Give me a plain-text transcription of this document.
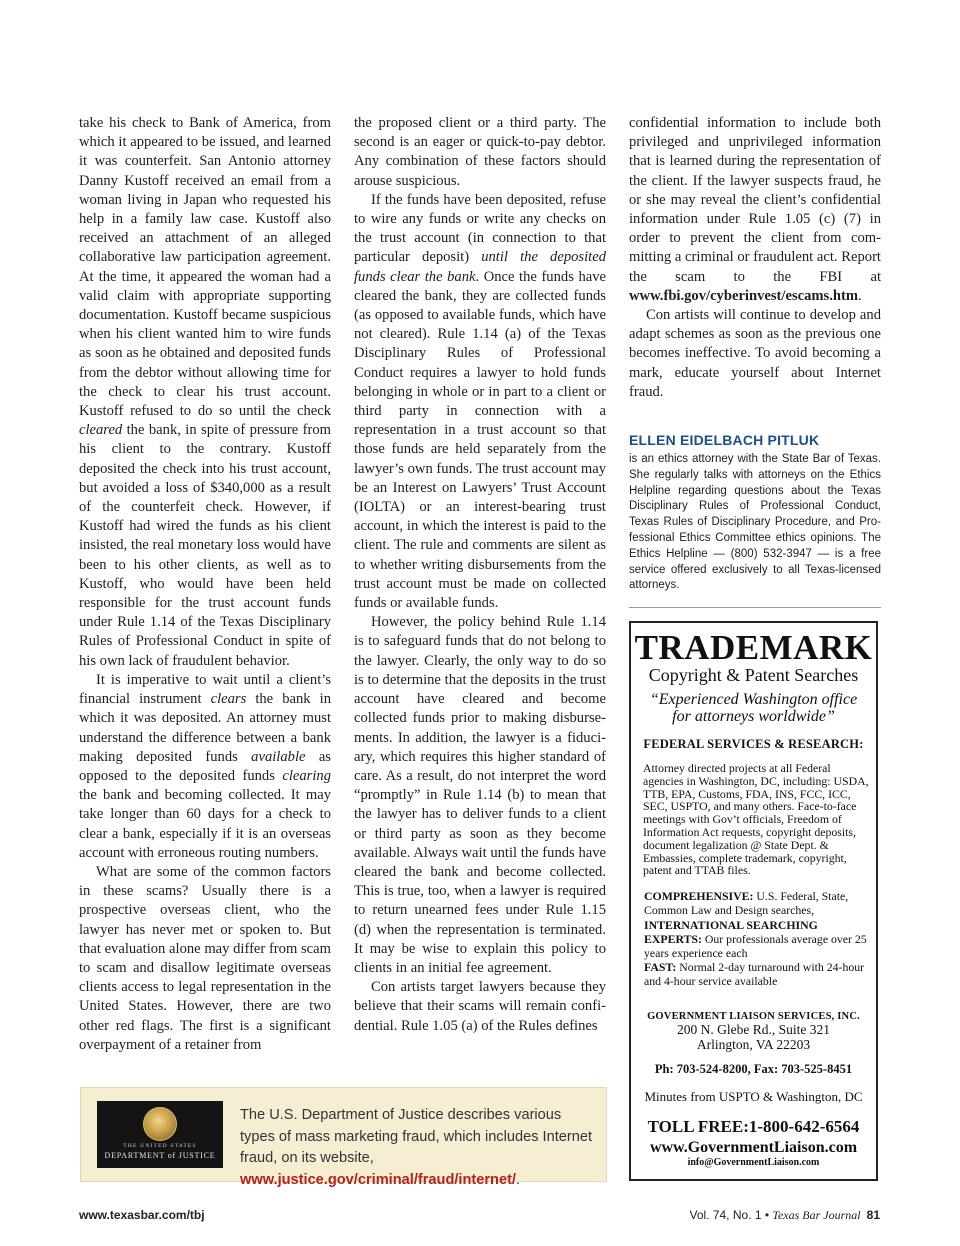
take his check to Bank of America, from which it appeared to be issued, and learned it was counterfeit. San Antonio attorney Danny Kustoff received an email from a woman living in Japan who requested his help in a family law case. Kustoff also received an attachment of an alleged collaborative law participation agreement. At the time, it appeared the woman had a valid claim with appropriate supporting documentation. Kustoff became suspicious when his client wanted him to wire funds as soon as he obtained and deposited funds from the debtor without allowing time for the check to clear his trust account. Kustoff refused to do so until the check cleared the bank, in spite of pressure from his client to the contrary. Kustoff deposited the check into his trust account, but avoided a loss of $340,000 as a result of the counterfeit check. However, if Kustoff had wired the funds as his client insisted, the real monetary loss would have been to his other clients, as well as to Kustoff, who would have been held responsible for the trust account funds under Rule 1.14 of the Texas Disciplinary Rules of Professional Conduct in spite of his own lack of fraudulent behavior.

It is imperative to wait until a client’s financial instrument clears the bank in which it was deposited. An attorney must understand the difference between a bank making deposited funds available as opposed to the deposited funds clearing the bank and becoming collected. It may take longer than 60 days for a check to clear a bank, especially if it is an overseas account with erroneous routing numbers.

What are some of the common factors in these scams? Usually there is a prospective overseas client, who the lawyer has never met or spoken to. But that evaluation alone may differ from scam to scam and disallow legitimate overseas clients access to legal representation in the United States. However, there are two other red flags. The first is a significant overpayment of a retainer from

the proposed client or a third party. The second is an eager or quick-to-pay debtor. Any combination of these factors should arouse suspicious.

If the funds have been deposited, refuse to wire any funds or write any checks on the trust account (in connection to that particular deposit) until the deposited funds clear the bank. Once the funds have cleared the bank, they are collected funds (as opposed to available funds, which have not cleared). Rule 1.14 (a) of the Texas Disciplinary Rules of Professional Conduct requires a lawyer to hold funds belonging in whole or in part to a client or third party in connection with a representation in a trust account so that those funds are held separately from the lawyer’s own funds. The trust account may be an Interest on Lawyers’ Trust Account (IOLTA) or an interest-bearing trust account, in which the interest is paid to the client. The rule and comments are silent as to whether writing disbursements from the trust account must be made on collected funds or available funds.

However, the policy behind Rule 1.14 is to safeguard funds that do not belong to the lawyer. Clearly, the only way to do so is to determine that the deposits in the trust account have cleared and become collected funds prior to making disbursements. In addition, the lawyer is a fiduciary, which requires this higher standard of care. As a result, do not interpret the word “promptly” in Rule 1.14 (b) to mean that the lawyer has to deliver funds to a client or third party as soon as they become available. Always wait until the funds have cleared the bank and become collected. This is true, too, when a lawyer is required to return unearned fees under Rule 1.15 (d) when the representation is terminated. It may be wise to explain this policy to clients in an initial fee agreement.

Con artists target lawyers because they believe that their scams will remain confidential. Rule 1.05 (a) of the Rules defines

confidential information to include both privileged and unprivileged information that is learned during the representation of the client. If the lawyer suspects fraud, he or she may reveal the client’s confidential information under Rule 1.05 (c) (7) in order to prevent the client from committing a criminal or fraudulent act. Report the scam to the FBI at www.fbi.gov/cyberinvest/escams.htm.

Con artists will continue to develop and adapt schemes as soon as the previous one becomes ineffective. To avoid becoming a mark, educate yourself about Internet fraud.

ELLEN EIDELBACH PITLUK

is an ethics attorney with the State Bar of Texas. She regularly talks with attorneys on the Ethics Helpline regarding questions about the Texas Disciplinary Rules of Professional Conduct, Texas Rules of Disciplinary Procedure, and Professional Ethics Committee ethics opinions. The Ethics Helpline — (800) 532-3947 — is a free service offered exclusively to all Texas-licensed attorneys.

TRADEMARK
Copyright & Patent Searches
“Experienced Washington office for attorneys worldwide”
FEDERAL SERVICES & RESEARCH:
Attorney directed projects at all Federal agencies in Washington, DC, including: USDA, TTB, EPA, Customs, FDA, INS, FCC, ICC, SEC, USPTO, and many others. Face-to-face meetings with Gov’t officials, Freedom of Information Act requests, copyright deposits, document legalization @ State Dept. & Embassies, complete trademark, copyright, patent and TTAB files.
COMPREHENSIVE: U.S. Federal, State, Common Law and Design searches,
INTERNATIONAL SEARCHING EXPERTS: Our professionals average over 25 years experience each
FAST: Normal 2-day turnaround with 24-hour and 4-hour service available
GOVERNMENT LIAISON SERVICES, INC.
200 N. Glebe Rd., Suite 321
Arlington, VA 22203
Ph: 703-524-8200, Fax: 703-525-8451
Minutes from USPTO & Washington, DC
TOLL FREE:1-800-642-6564
www.GovernmentLiaison.com
info@GovernmentLiaison.com
THE UNITED STATES
DEPARTMENT of JUSTICE
The U.S. Department of Justice describes various types of mass marketing fraud, which includes Internet fraud, on its website, www.justice.gov/criminal/fraud/internet/.
www.texasbar.com/tbj	Vol. 74, No. 1 • Texas Bar Journal 81
